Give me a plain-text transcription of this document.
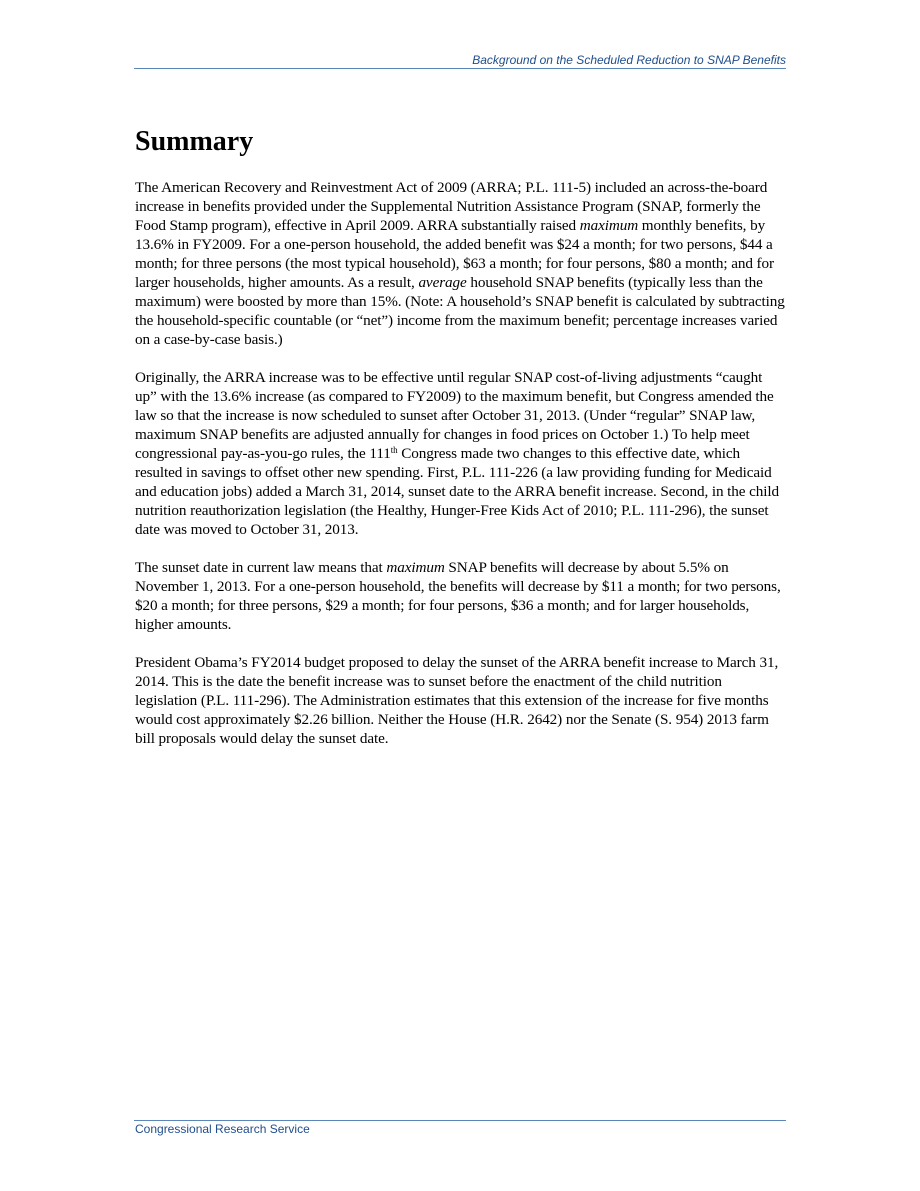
Background on the Scheduled Reduction to SNAP Benefits
Summary

The American Recovery and Reinvestment Act of 2009 (ARRA; P.L. 111-5) included an across-the-board increase in benefits provided under the Supplemental Nutrition Assistance Program (SNAP, formerly the Food Stamp program), effective in April 2009. ARRA substantially raised maximum monthly benefits, by 13.6% in FY2009. For a one-person household, the added benefit was $24 a month; for two persons, $44 a month; for three persons (the most typical household), $63 a month; for four persons, $80 a month; and for larger households, higher amounts. As a result, average household SNAP benefits (typically less than the maximum) were boosted by more than 15%. (Note: A household’s SNAP benefit is calculated by subtracting the household-specific countable (or “net”) income from the maximum benefit; percentage increases varied on a case-by-case basis.)

Originally, the ARRA increase was to be effective until regular SNAP cost-of-living adjustments “caught up” with the 13.6% increase (as compared to FY2009) to the maximum benefit, but Congress amended the law so that the increase is now scheduled to sunset after October 31, 2013. (Under “regular” SNAP law, maximum SNAP benefits are adjusted annually for changes in food prices on October 1.) To help meet congressional pay-as-you-go rules, the 111th Congress made two changes to this effective date, which resulted in savings to offset other new spending. First, P.L. 111-226 (a law providing funding for Medicaid and education jobs) added a March 31, 2014, sunset date to the ARRA benefit increase. Second, in the child nutrition reauthorization legislation (the Healthy, Hunger-Free Kids Act of 2010; P.L. 111-296), the sunset date was moved to October 31, 2013.

The sunset date in current law means that maximum SNAP benefits will decrease by about 5.5% on November 1, 2013. For a one-person household, the benefits will decrease by $11 a month; for two persons, $20 a month; for three persons, $29 a month; for four persons, $36 a month; and for larger households, higher amounts.

President Obama’s FY2014 budget proposed to delay the sunset of the ARRA benefit increase to March 31, 2014. This is the date the benefit increase was to sunset before the enactment of the child nutrition legislation (P.L. 111-296). The Administration estimates that this extension of the increase for five months would cost approximately $2.26 billion. Neither the House (H.R. 2642) nor the Senate (S. 954) 2013 farm bill proposals would delay the sunset date.

Congressional Research Service
